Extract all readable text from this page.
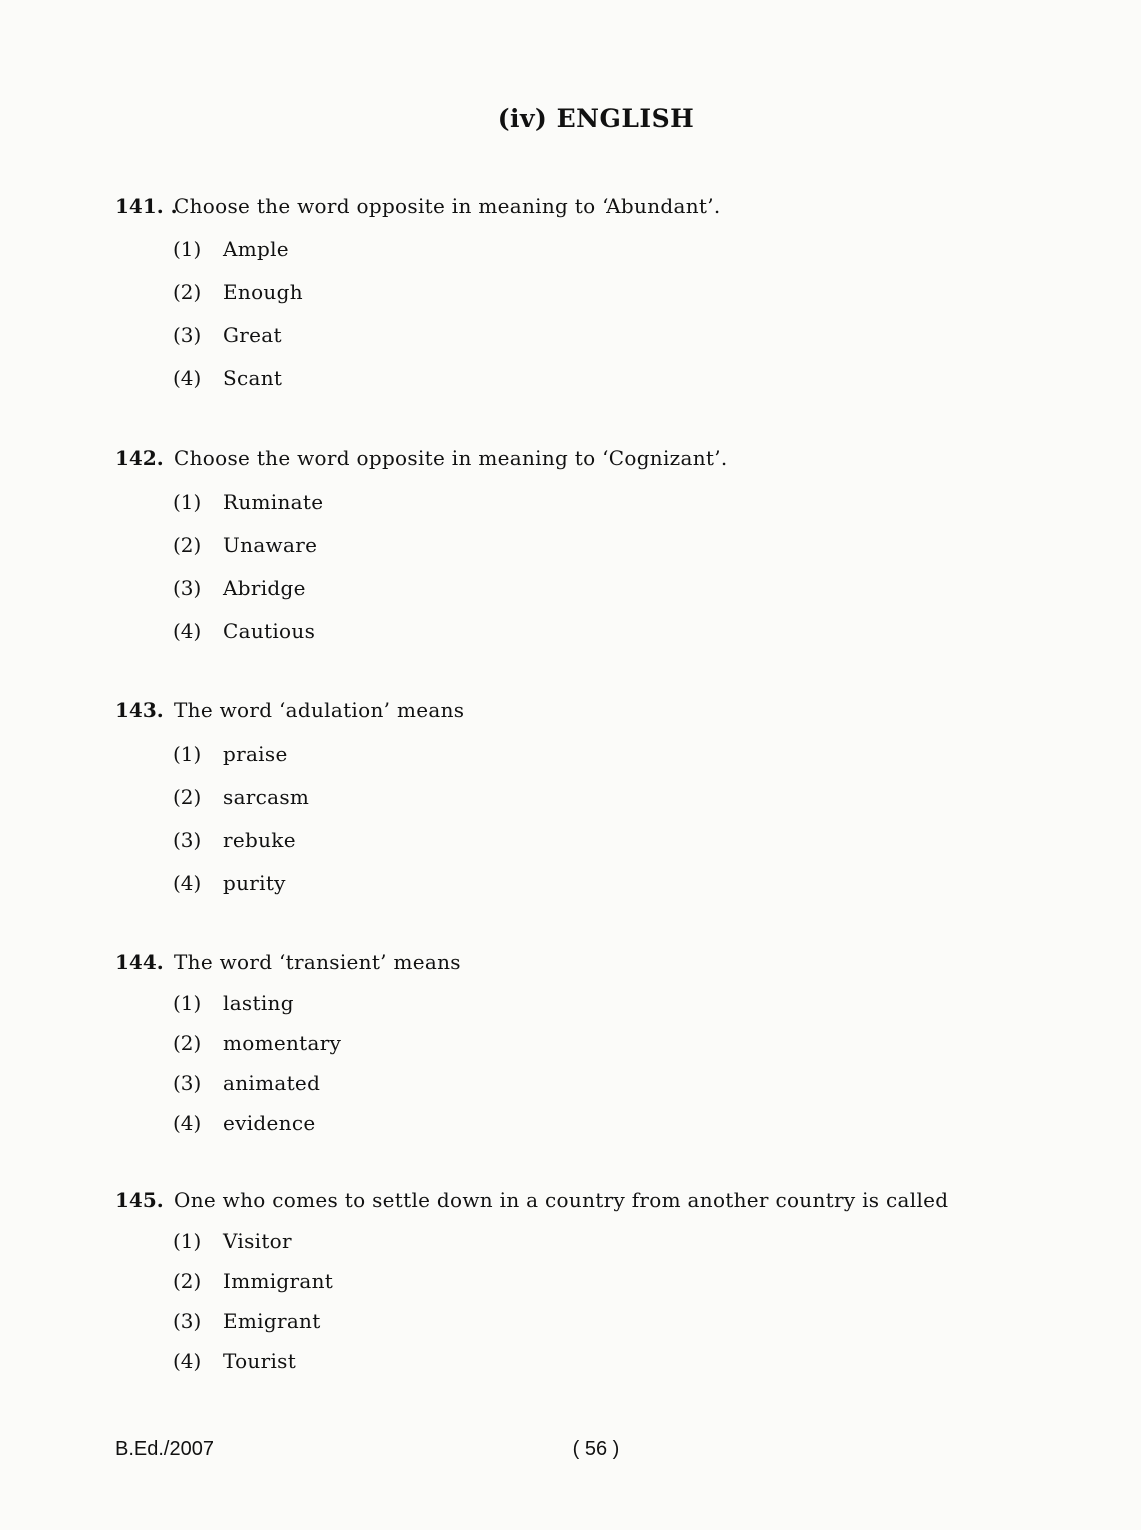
(iv) ENGLISH
141. .
Choose the word opposite in meaning to ‘Abundant’.
(1) Ample
(2) Enough
(3) Great
(4) Scant
142. Choose the word opposite in meaning to ‘Cognizant’.
(1) Ruminate
(2) Unaware
(3) Abridge
(4) Cautious
143. The word ‘adulation’ means
(1) praise
(2) sarcasm
(3) rebuke
(4) purity
144. The word ‘transient’ means
(1) lasting
(2) momentary
(3) animated
(4) evidence
145. One who comes to settle down in a country from another country is called
(1) Visitor
(2) Immigrant
(3) Emigrant
(4) Tourist
B.Ed./2007	( 56 )
